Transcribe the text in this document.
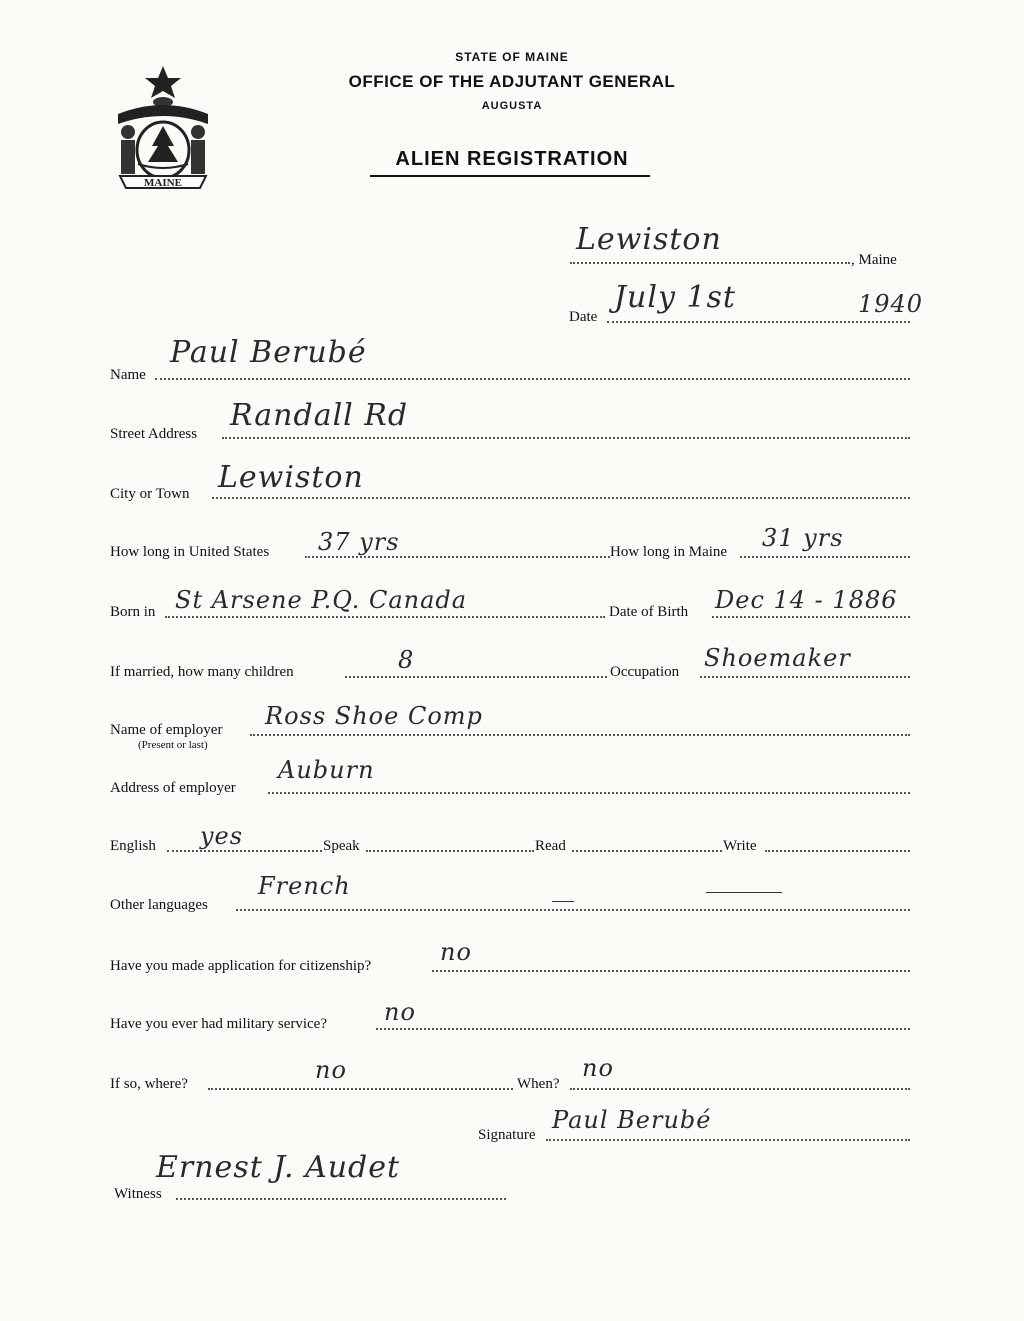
MAINE
STATE OF MAINE
OFFICE OF THE ADJUTANT GENERAL
AUGUSTA
ALIEN REGISTRATION
Lewiston
, Maine
Date
July 1st	1940
Name
Paul Berubé
Street Address
Randall Rd
City or Town Lewiston
How long in United States 37 yrs	How long in Maine 31 yrs
Born in St Arsene P.Q. Canada	Date of Birth Dec 14 - 1886
If married, how many children	8	Occupation Shoemaker
Name of employer
(Present or last)
Ross Shoe Comp
Address of employer
Auburn
English yes	Speak	Read	Write
Other languages
French
Have you made application for citizenship?	no
Have you ever had military service? no
If so, where?	no	When?
no
Signature
Paul Berubé
Witness
Ernest J. Audet
